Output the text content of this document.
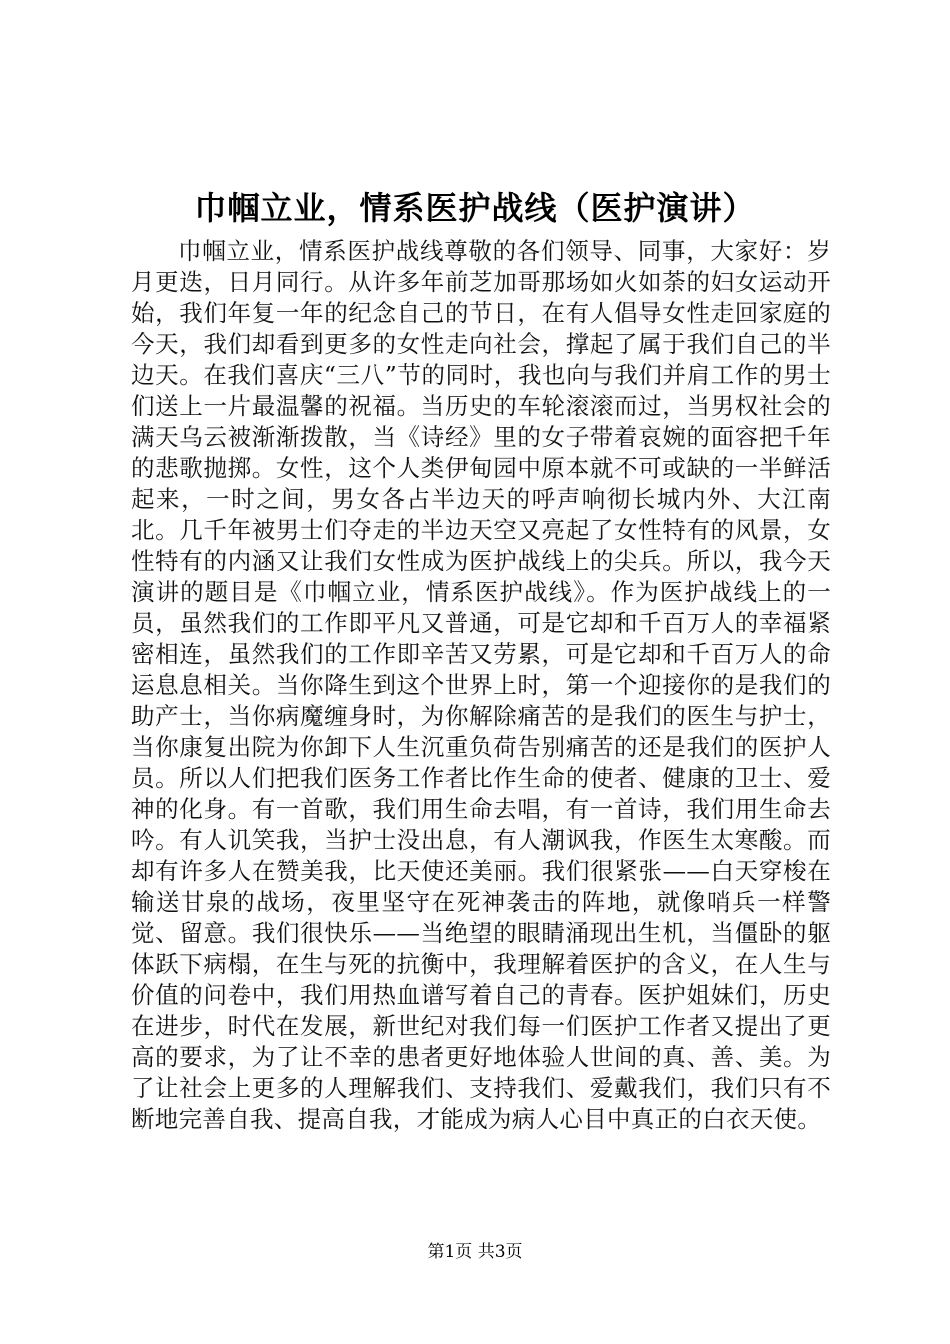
巾帼立业，情系医护战线（医护演讲）

巾帼立业，情系医护战线尊敬的各们领导、同事，大家好：岁月更迭，日月同行。从许多年前芝加哥那场如火如荼的妇女运动开始，我们年复一年的纪念自己的节日，在有人倡导女性走回家庭的今天，我们却看到更多的女性走向社会，撑起了属于我们自己的半边天。在我们喜庆“三八”节的同时，我也向与我们并肩工作的男士们送上一片最温馨的祝福。当历史的车轮滚滚而过，当男权社会的满天乌云被渐渐拨散，当《诗经》里的女子带着哀婉的面容把千年的悲歌抛掷。女性，这个人类伊甸园中原本就不可或缺的一半鲜活起来，一时之间，男女各占半边天的呼声响彻长城内外、大江南北。几千年被男士们夺走的半边天空又亮起了女性特有的风景，女性特有的内涵又让我们女性成为医护战线上的尖兵。所以，我今天演讲的题目是《巾帼立业，情系医护战线》。作为医护战线上的一员，虽然我们的工作即平凡又普通，可是它却和千百万人的幸福紧密相连，虽然我们的工作即辛苦又劳累，可是它却和千百万人的命运息息相关。当你降生到这个世界上时，第一个迎接你的是我们的助产士，当你病魔缠身时，为你解除痛苦的是我们的医生与护士，当你康复出院为你卸下人生沉重负荷告别痛苦的还是我们的医护人员。所以人们把我们医务工作者比作生命的使者、健康的卫士、爱神的化身。有一首歌，我们用生命去唱，有一首诗，我们用生命去吟。有人讥笑我，当护士没出息，有人潮讽我，作医生太寒酸。而却有许多人在赞美我，比天使还美丽。我们很紧张——白天穿梭在输送甘泉的战场，夜里坚守在死神袭击的阵地，就像哨兵一样警觉、留意。我们很快乐——当绝望的眼睛涌现出生机，当僵卧的躯体跃下病榻，在生与死的抗衡中，我理解着医护的含义，在人生与价值的问卷中，我们用热血谱写着自己的青春。医护姐妹们，历史在进步，时代在发展，新世纪对我们每一们医护工作者又提出了更高的要求，为了让不幸的患者更好地体验人世间的真、善、美。为了让社会上更多的人理解我们、支持我们、爱戴我们，我们只有不断地完善自我、提高自我，才能成为病人心目中真正的白衣天使。

第1页 共3页
